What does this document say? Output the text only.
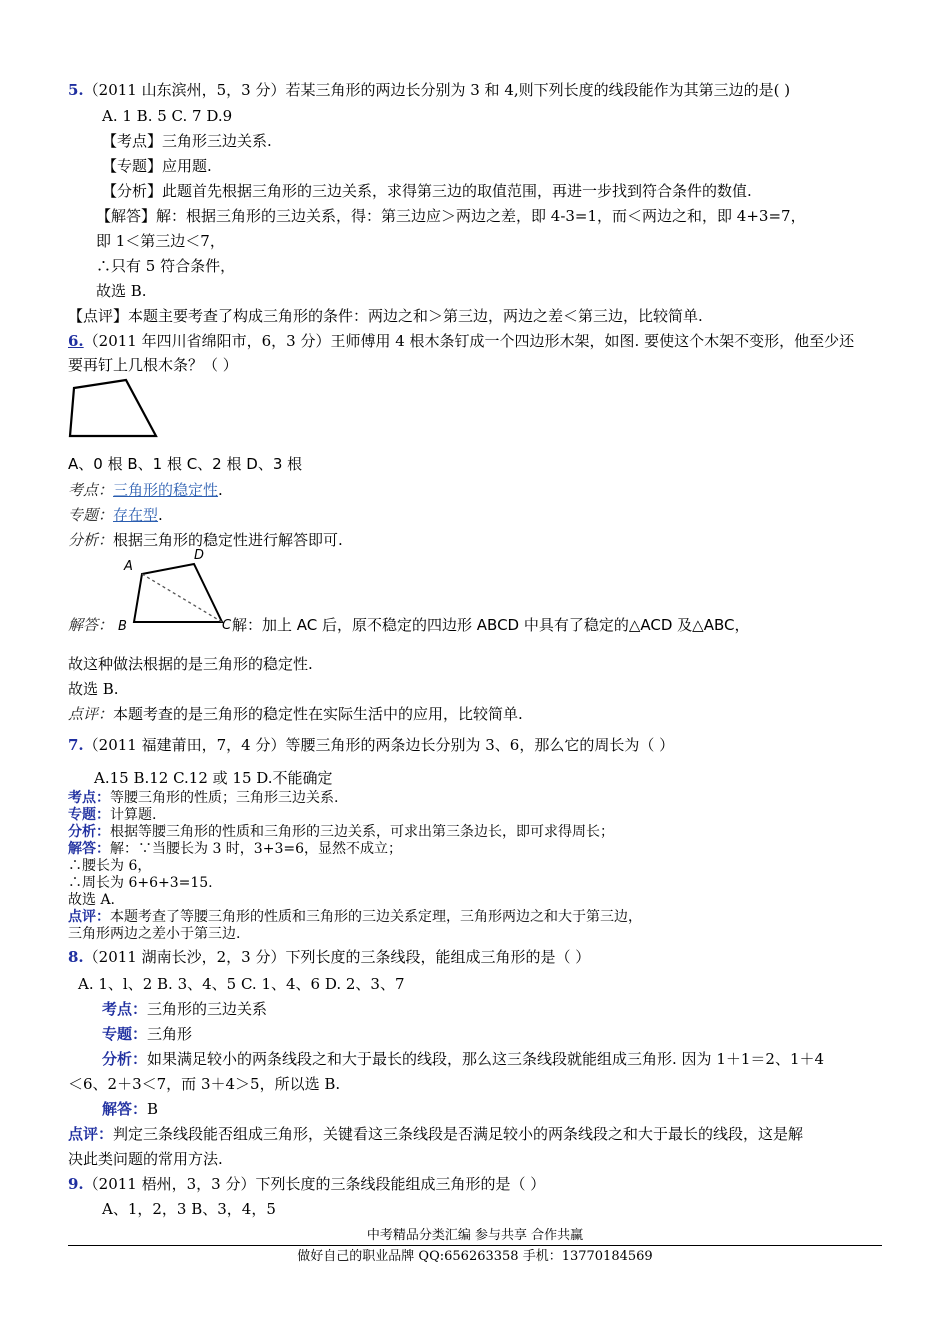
5.（2011 山东滨州，5，3 分）若某三角形的两边长分别为 3 和 4,则下列长度的线段能作为其第三边的是( )
A. 1 B. 5 C. 7 D.9
【考点】三角形三边关系.
【专题】应用题.
【分析】此题首先根据三角形的三边关系，求得第三边的取值范围，再进一步找到符合条件的数值.
【解答】解：根据三角形的三边关系，得：第三边应＞两边之差，即 4-3=1，而＜两边之和，即 4+3=7，
即 1＜第三边＜7，
∴只有 5 符合条件，
故选 B.
【点评】本题主要考查了构成三角形的条件：两边之和＞第三边，两边之差＜第三边，比较简单.
6.（2011 年四川省绵阳市，6，3 分）王师傅用 4 根木条钉成一个四边形木架，如图. 要使这个木架不变形，他至少还
要再钉上几根木条？（ ）
A、0 根 B、1 根 C、2 根 D、3 根
考点：三角形的稳定性.
专题：存在型.
分析：根据三角形的稳定性进行解答即可.
A
D
B	C
解答：	解：加上 AC 后，原不稳定的四边形 ABCD 中具有了稳定的△ACD 及△ABC，
故这种做法根据的是三角形的稳定性.
故选 B.
点评：本题考查的是三角形的稳定性在实际生活中的应用，比较简单.
7.（2011 福建莆田，7，4 分）等腰三角形的两条边长分别为 3、6，那么它的周长为（ ）
A.15 B.12 C.12 或 15 D.不能确定
考点：等腰三角形的性质；三角形三边关系.
专题：计算题.
分析：根据等腰三角形的性质和三角形的三边关系，可求出第三条边长，即可求得周长；
解答：解：∵当腰长为 3 时，3+3=6，显然不成立；
∴腰长为 6，
∴周长为 6+6+3=15.
故选 A.
点评：本题考查了等腰三角形的性质和三角形的三边关系定理，三角形两边之和大于第三边，
三角形两边之差小于第三边.
8.（2011 湖南长沙，2，3 分）下列长度的三条线段，能组成三角形的是（ ）
A. 1、l、2 B. 3、4、5 C. 1、4、6 D. 2、3、7
考点：三角形的三边关系
专题：三角形
分析：如果满足较小的两条线段之和大于最长的线段，那么这三条线段就能组成三角形. 因为 1＋1＝2、1＋4
＜6、2＋3＜7，而 3＋4＞5，所以选 B.
解答：B
点评：判定三条线段能否组成三角形，关键看这三条线段是否满足较小的两条线段之和大于最长的线段，这是解
决此类问题的常用方法.
9.（2011 梧州，3，3 分）下列长度的三条线段能组成三角形的是（ ）
A、1，2，3 B、3，4，5
中考精品分类汇编 参与共享 合作共赢
做好自己的职业品牌 QQ:656263358 手机：13770184569
